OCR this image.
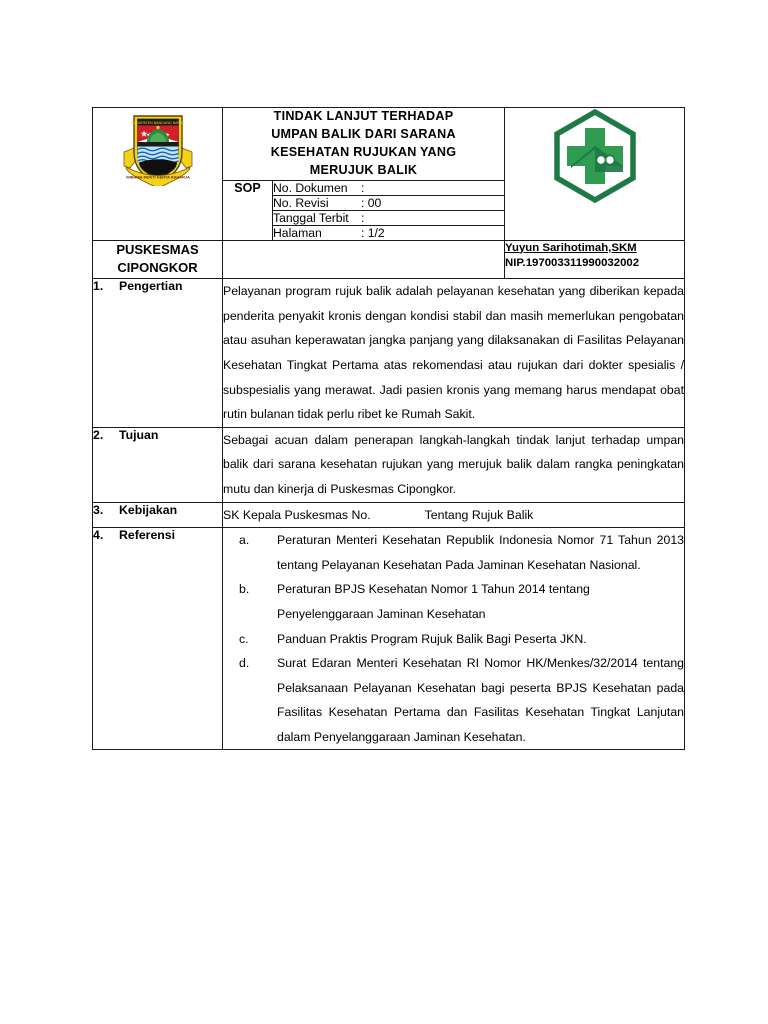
KABUPATEN BANDUNG BARAT
WIBAWA MUKTI KERTA RAHARJA

TINDAK LANJUT TERHADAP
UMPAN BALIK DARI SARANA
KESEHATAN RUJUKAN YANG
MERUJUK BALIK

	SOP	No. Dokumen :	
		No. Revisi : 00	
		Tanggal Terbit :	
		Halaman : 1/2	

PUSKESMAS
CIPONGKOR

Yuyun Sarihotimah,SKM
NIP.197003311990032002

1. Pengertian	Pelayanan program rujuk balik adalah pelayanan kesehatan yang diberikan kepada penderita penyakit kronis dengan kondisi stabil dan masih memerlukan pengobatan atau asuhan keperawatan jangka panjang yang dilaksanakan di Fasilitas Pelayanan Kesehatan Tingkat Pertama atas rekomendasi atau rujukan dari dokter spesialis / subspesialis yang merawat. Jadi pasien kronis yang memang harus mendapat obat rutin bulanan tidak perlu ribet ke Rumah Sakit.		

2. Tujuan	Sebagai acuan dalam penerapan langkah-langkah tindak lanjut terhadap umpan balik dari sarana kesehatan rujukan yang merujuk balik dalam rangka peningkatan mutu dan kinerja di Puskesmas Cipongkor.		

3. Kebijakan	SK Kepala Puskesmas No. Tentang Rujuk Balik		
4. Referensi	a.	Peraturan Menteri Kesehatan Republik Indonesia Nomor 71 Tahun 2013 tentang Pelayanan Kesehatan Pada Jaminan Kesehatan Nasional.
b.	Peraturan BPJS Kesehatan Nomor 1 Tahun 2014 tentang Penyelenggaraan Jaminan Kesehatan
c.	Panduan Praktis Program Rujuk Balik Bagi Peserta JKN.
d.	Surat Edaran Menteri Kesehatan RI Nomor HK/Menkes/32/2014 tentang Pelaksanaan Pelayanan Kesehatan bagi peserta BPJS Kesehatan pada Fasilitas Kesehatan Pertama dan Fasilitas Kesehatan Tingkat Lanjutan dalam Penyelanggaraan Jaminan Kesehatan.
